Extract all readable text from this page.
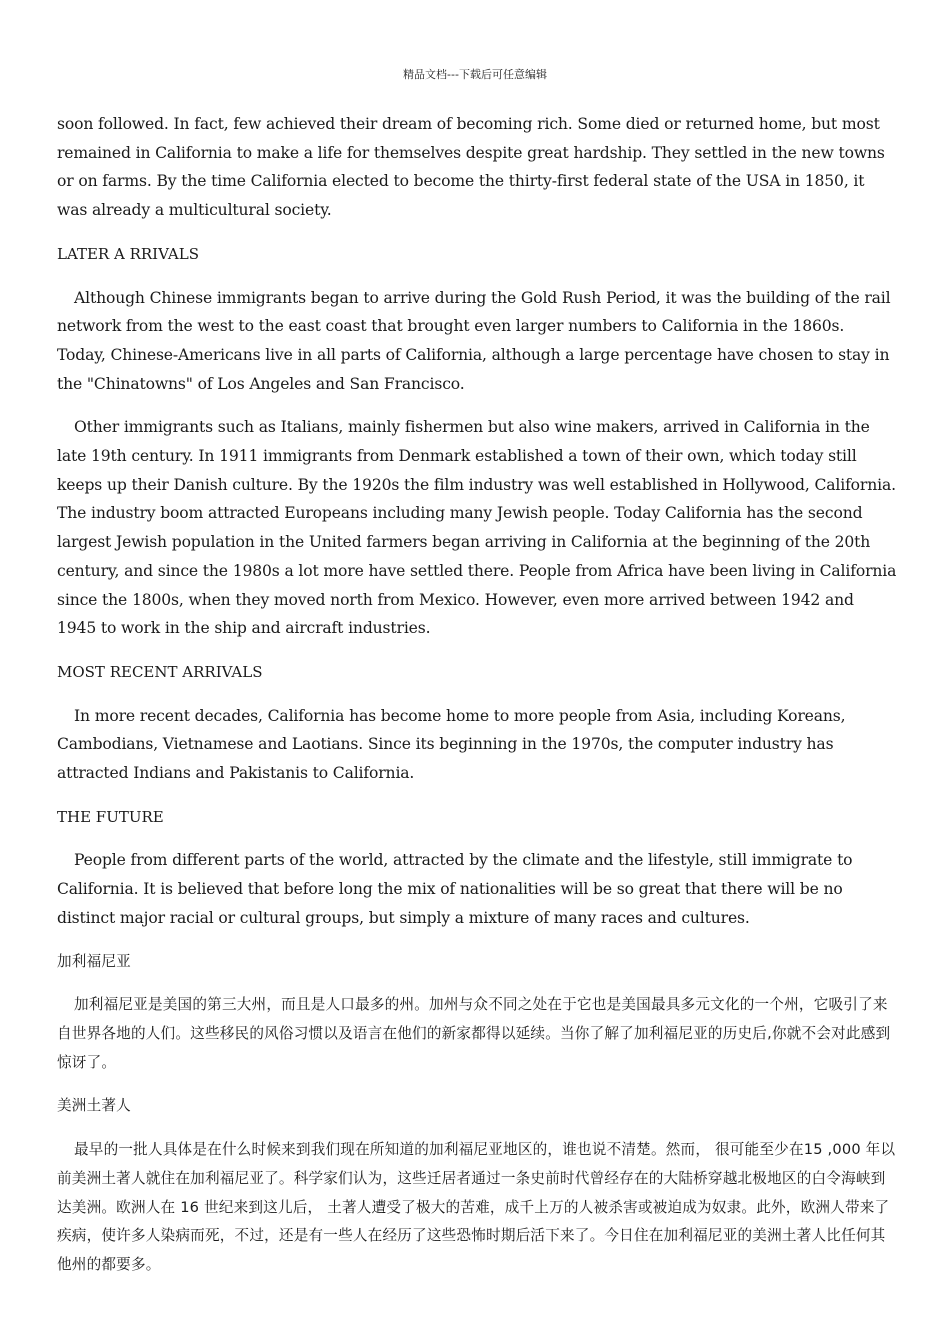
精品文档---下载后可任意编辑

soon followed. In fact, few achieved their dream of becoming rich. Some died or returned home, but most remained in California to make a life for themselves despite great hardship. They settled in the new towns or on farms. By the time California elected to become the thirty-first federal state of the USA in 1850, it was already a multicultural society.

LATER A RRIVALS

Although Chinese immigrants began to arrive during the Gold Rush Period, it was the building of the rail network from the west to the east coast that brought even larger numbers to California in the 1860s. Today, Chinese-Americans live in all parts of California, although a large percentage have chosen to stay in the "Chinatowns" of Los Angeles and San Francisco.

Other immigrants such as Italians, mainly fishermen but also wine makers, arrived in California in the late 19th century. In 1911 immigrants from Denmark established a town of their own, which today still keeps up their Danish culture. By the 1920s the film industry was well established in Hollywood, California. The industry boom attracted Europeans including many Jewish people. Today California has the second largest Jewish population in the United farmers began arriving in California at the beginning of the 20th century, and since the 1980s a lot more have settled there. People from Africa have been living in California since the 1800s, when they moved north from Mexico. However, even more arrived between 1942 and 1945 to work in the ship and aircraft industries.

MOST RECENT ARRIVALS

In more recent decades, California has become home to more people from Asia, including Koreans, Cambodians, Vietnamese and Laotians. Since its beginning in the 1970s, the computer industry has attracted Indians and Pakistanis to California.

THE FUTURE

People from different parts of the world, attracted by the climate and the lifestyle, still immigrate to California. It is believed that before long the mix of nationalities will be so great that there will be no distinct major racial or cultural groups, but simply a mixture of many races and cultures.

加利福尼亚

加利福尼亚是美国的第三大州，而且是人口最多的州。加州与众不同之处在于它也是美国最具多元文化的一个州，它吸引了来自世界各地的人们。这些移民的风俗习惯以及语言在他们的新家都得以延续。当你了解了加利福尼亚的历史后,你就不会对此感到惊讶了。

美洲土著人

最早的一批人具体是在什么时候来到我们现在所知道的加利福尼亚地区的，谁也说不清楚。然而， 很可能至少在15 ,000 年以前美洲土著人就住在加利福尼亚了。科学家们认为，这些迁居者通过一条史前时代曾经存在的大陆桥穿越北极地区的白令海峡到达美洲。欧洲人在 16 世纪来到这儿后， 土著人遭受了极大的苦难，成千上万的人被杀害或被迫成为奴隶。此外，欧洲人带来了疾病，使许多人染病而死，不过，还是有一些人在经历了这些恐怖时期后活下来了。今日住在加利福尼亚的美洲土著人比任何其他州的都要多。
